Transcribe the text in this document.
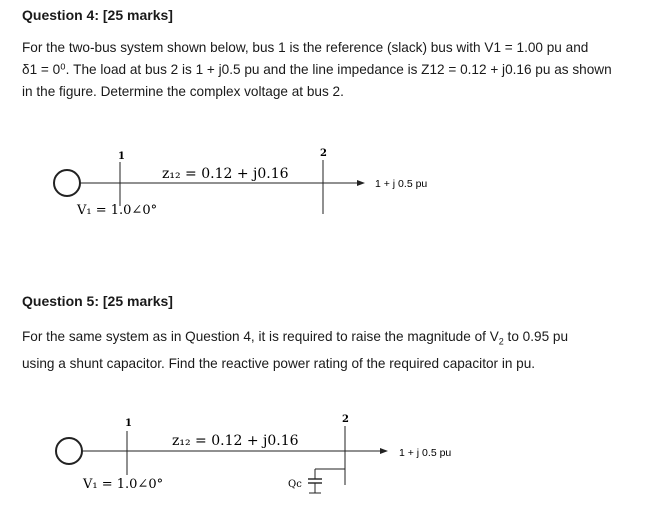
Question 4: [25 marks]

For the two-bus system shown below, bus 1 is the reference (slack) bus with V1 = 1.00 pu and

δ1 = 0⁰. The load at bus 2 is 1 + j0.5 pu and the line impedance is Z12 = 0.12 + j0.16 pu as shown

in the figure. Determine the complex voltage at bus 2.

1
z₁₂ = 0.12 + j0.16
2
1 + j 0.5 pu
V₁ = 1.0∠0°
Question 5: [25 marks]

For the same system as in Question 4, it is required to raise the magnitude of $V_2$ to 0.95 pu

using a shunt capacitor. Find the reactive power rating of the required capacitor in pu.

1
z₁₂ = 0.12 + j0.16
2
1 + j 0.5 pu
Qc
V₁ = 1.0∠0°
